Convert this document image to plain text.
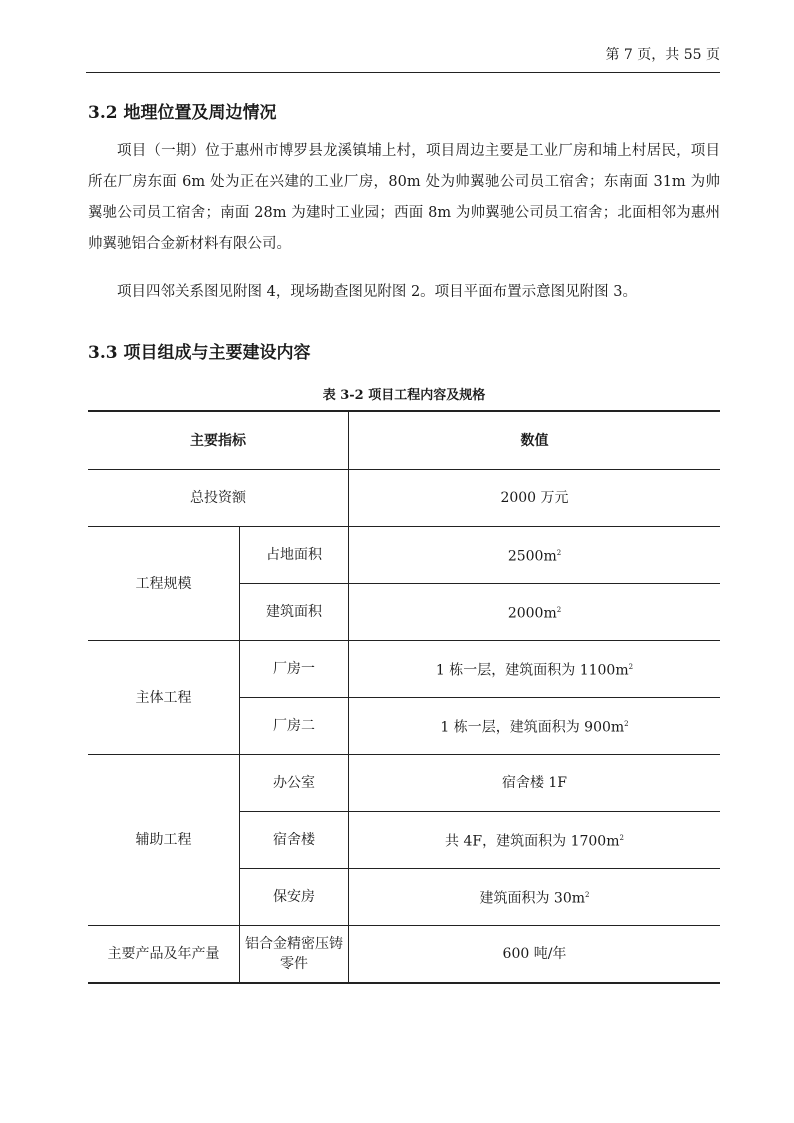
第 7 页，共 55 页
3.2 地理位置及周边情况
项目（一期）位于惠州市博罗县龙溪镇埔上村，项目周边主要是工业厂房和埔上村居民，项目所在厂房东面 6m 处为正在兴建的工业厂房，80m 处为帅翼驰公司员工宿舍；东南面 31m 为帅翼驰公司员工宿舍；南面 28m 为建时工业园；西面 8m 为帅翼驰公司员工宿舍；北面相邻为惠州帅翼驰铝合金新材料有限公司。
项目四邻关系图见附图 4，现场勘查图见附图 2。项目平面布置示意图见附图 3。
3.3 项目组成与主要建设内容
表 3-2 项目工程内容及规格
主要指标		数值
总投资额		2000 万元
工程规模	占地面积	$2500m^2$
	建筑面积	$2000m^2$
主体工程	厂房一	1 栋一层，建筑面积为 $1100m^2$
	厂房二	1 栋一层，建筑面积为 $900m^2$
辅助工程	办公室	宿舍楼 1F
	宿舍楼	共 4F，建筑面积为 $1700m^2$
	保安房	建筑面积为 $30m^2$
主要产品及年产量	铝合金精密压铸零件	600 吨/年
